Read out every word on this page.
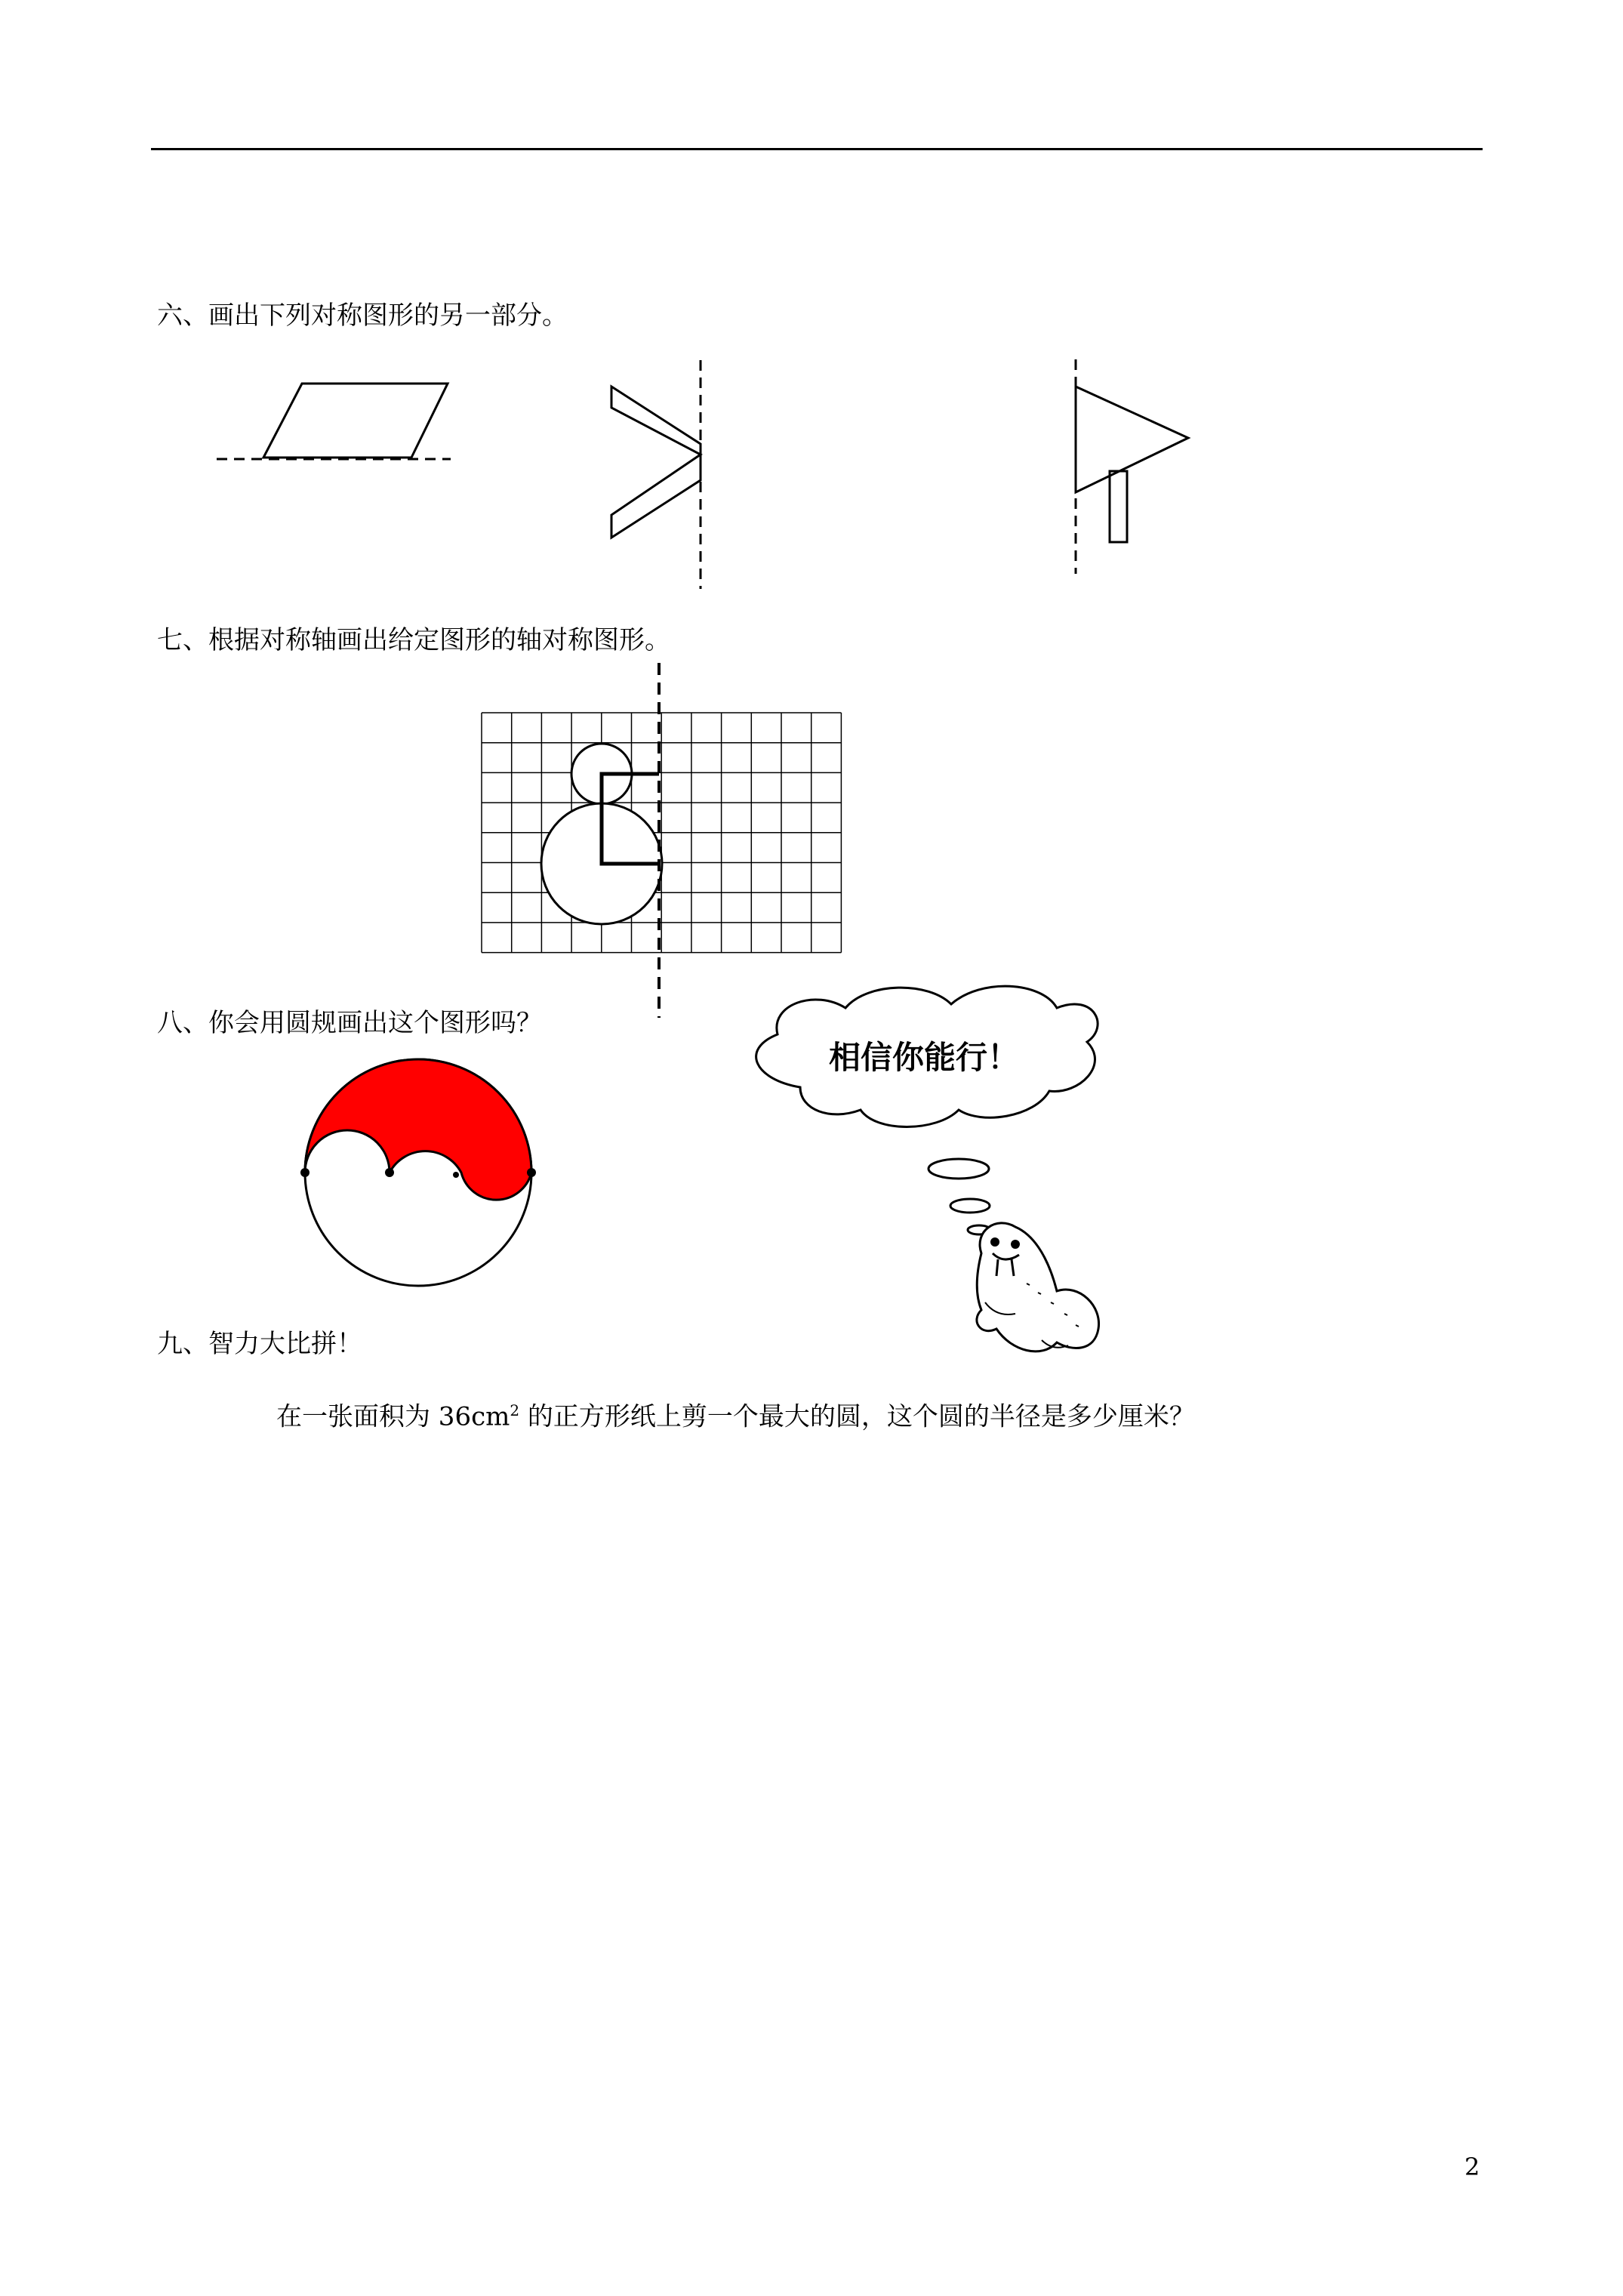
六、画出下列对称图形的另一部分。
七、根据对称轴画出给定图形的轴对称图形。
八、你会用圆规画出这个图形吗？
相信你能行！
九、智力大比拼！
在一张面积为 $36cm^2$ 的正方形纸上剪一个最大的圆，这个圆的半径是多少厘米？
2
